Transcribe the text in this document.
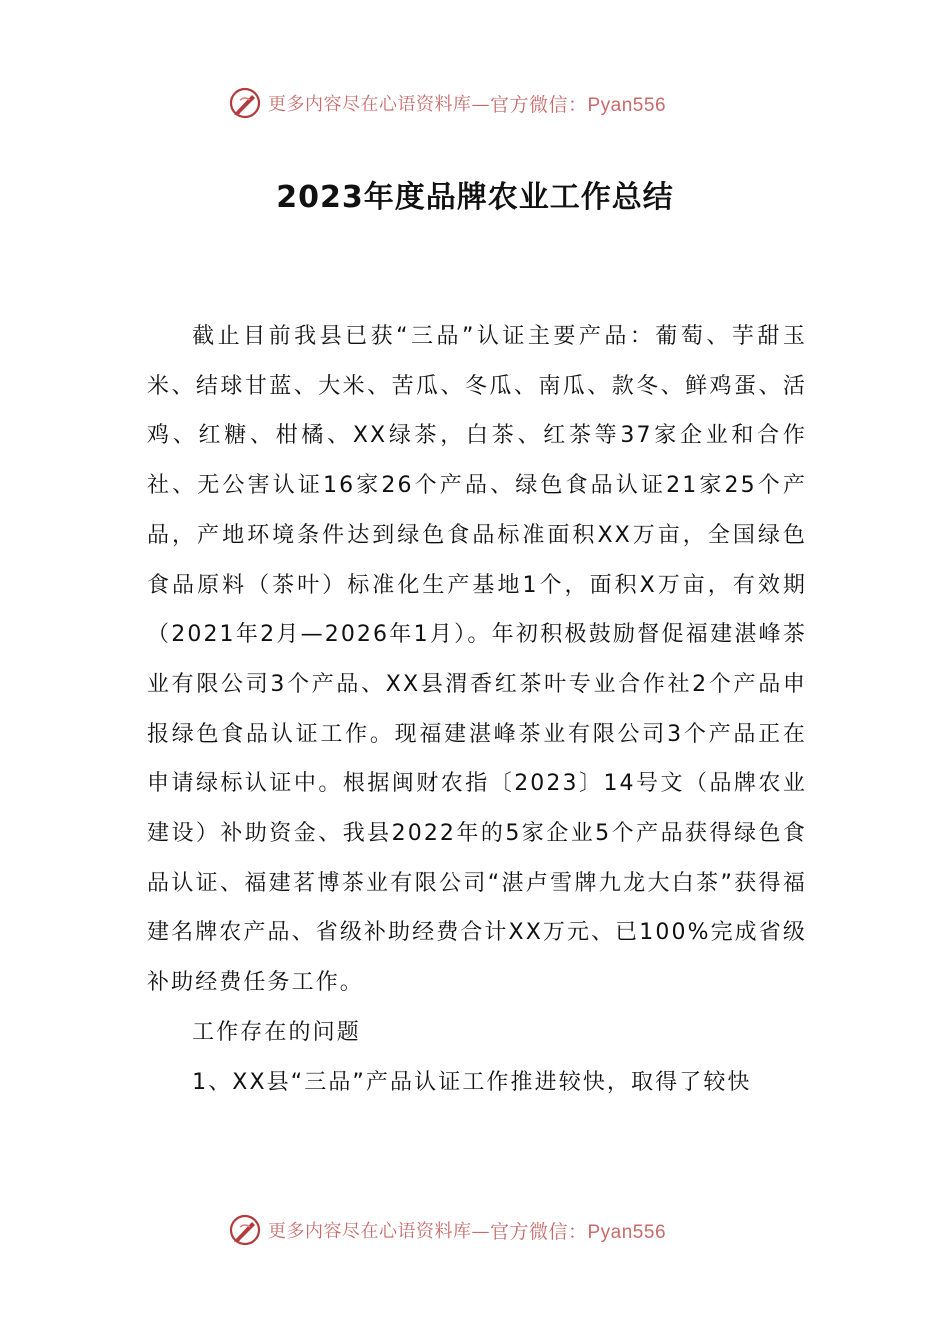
更多内容尽在心语资料库— 官方微信：Pyan556
2023年度品牌农业工作总结

截止目前我县已获“三品”认证主要产品：葡萄、芋甜玉米、结球甘蓝、大米、苦瓜、冬瓜、南瓜、款冬、鲜鸡蛋、活鸡、红糖、柑橘、XX绿茶，白茶、红茶等37家企业和合作社、无公害认证16家26个产品、绿色食品认证21家25个产品，产地环境条件达到绿色食品标准面积XX万亩，全国绿色食品原料（茶叶）标准化生产基地1个，面积X万亩，有效期（2021年2月—2026年1月）。年初积极鼓励督促福建湛峰茶业有限公司3个产品、XX县渭香红茶叶专业合作社2个产品申报绿色食品认证工作。现福建湛峰茶业有限公司3个产品正在申请绿标认证中。根据闽财农指〔2023〕14号文（品牌农业建设）补助资金、我县2022年的5家企业5个产品获得绿色食品认证、福建茗博茶业有限公司“湛卢雪牌九龙大白茶”获得福建名牌农产品、省级补助经费合计XX万元、已100%完成省级补助经费任务工作。

工作存在的问题

1、XX县“三品”产品认证工作推进较快，取得了较快

更多内容尽在心语资料库— 官方微信：Pyan556
